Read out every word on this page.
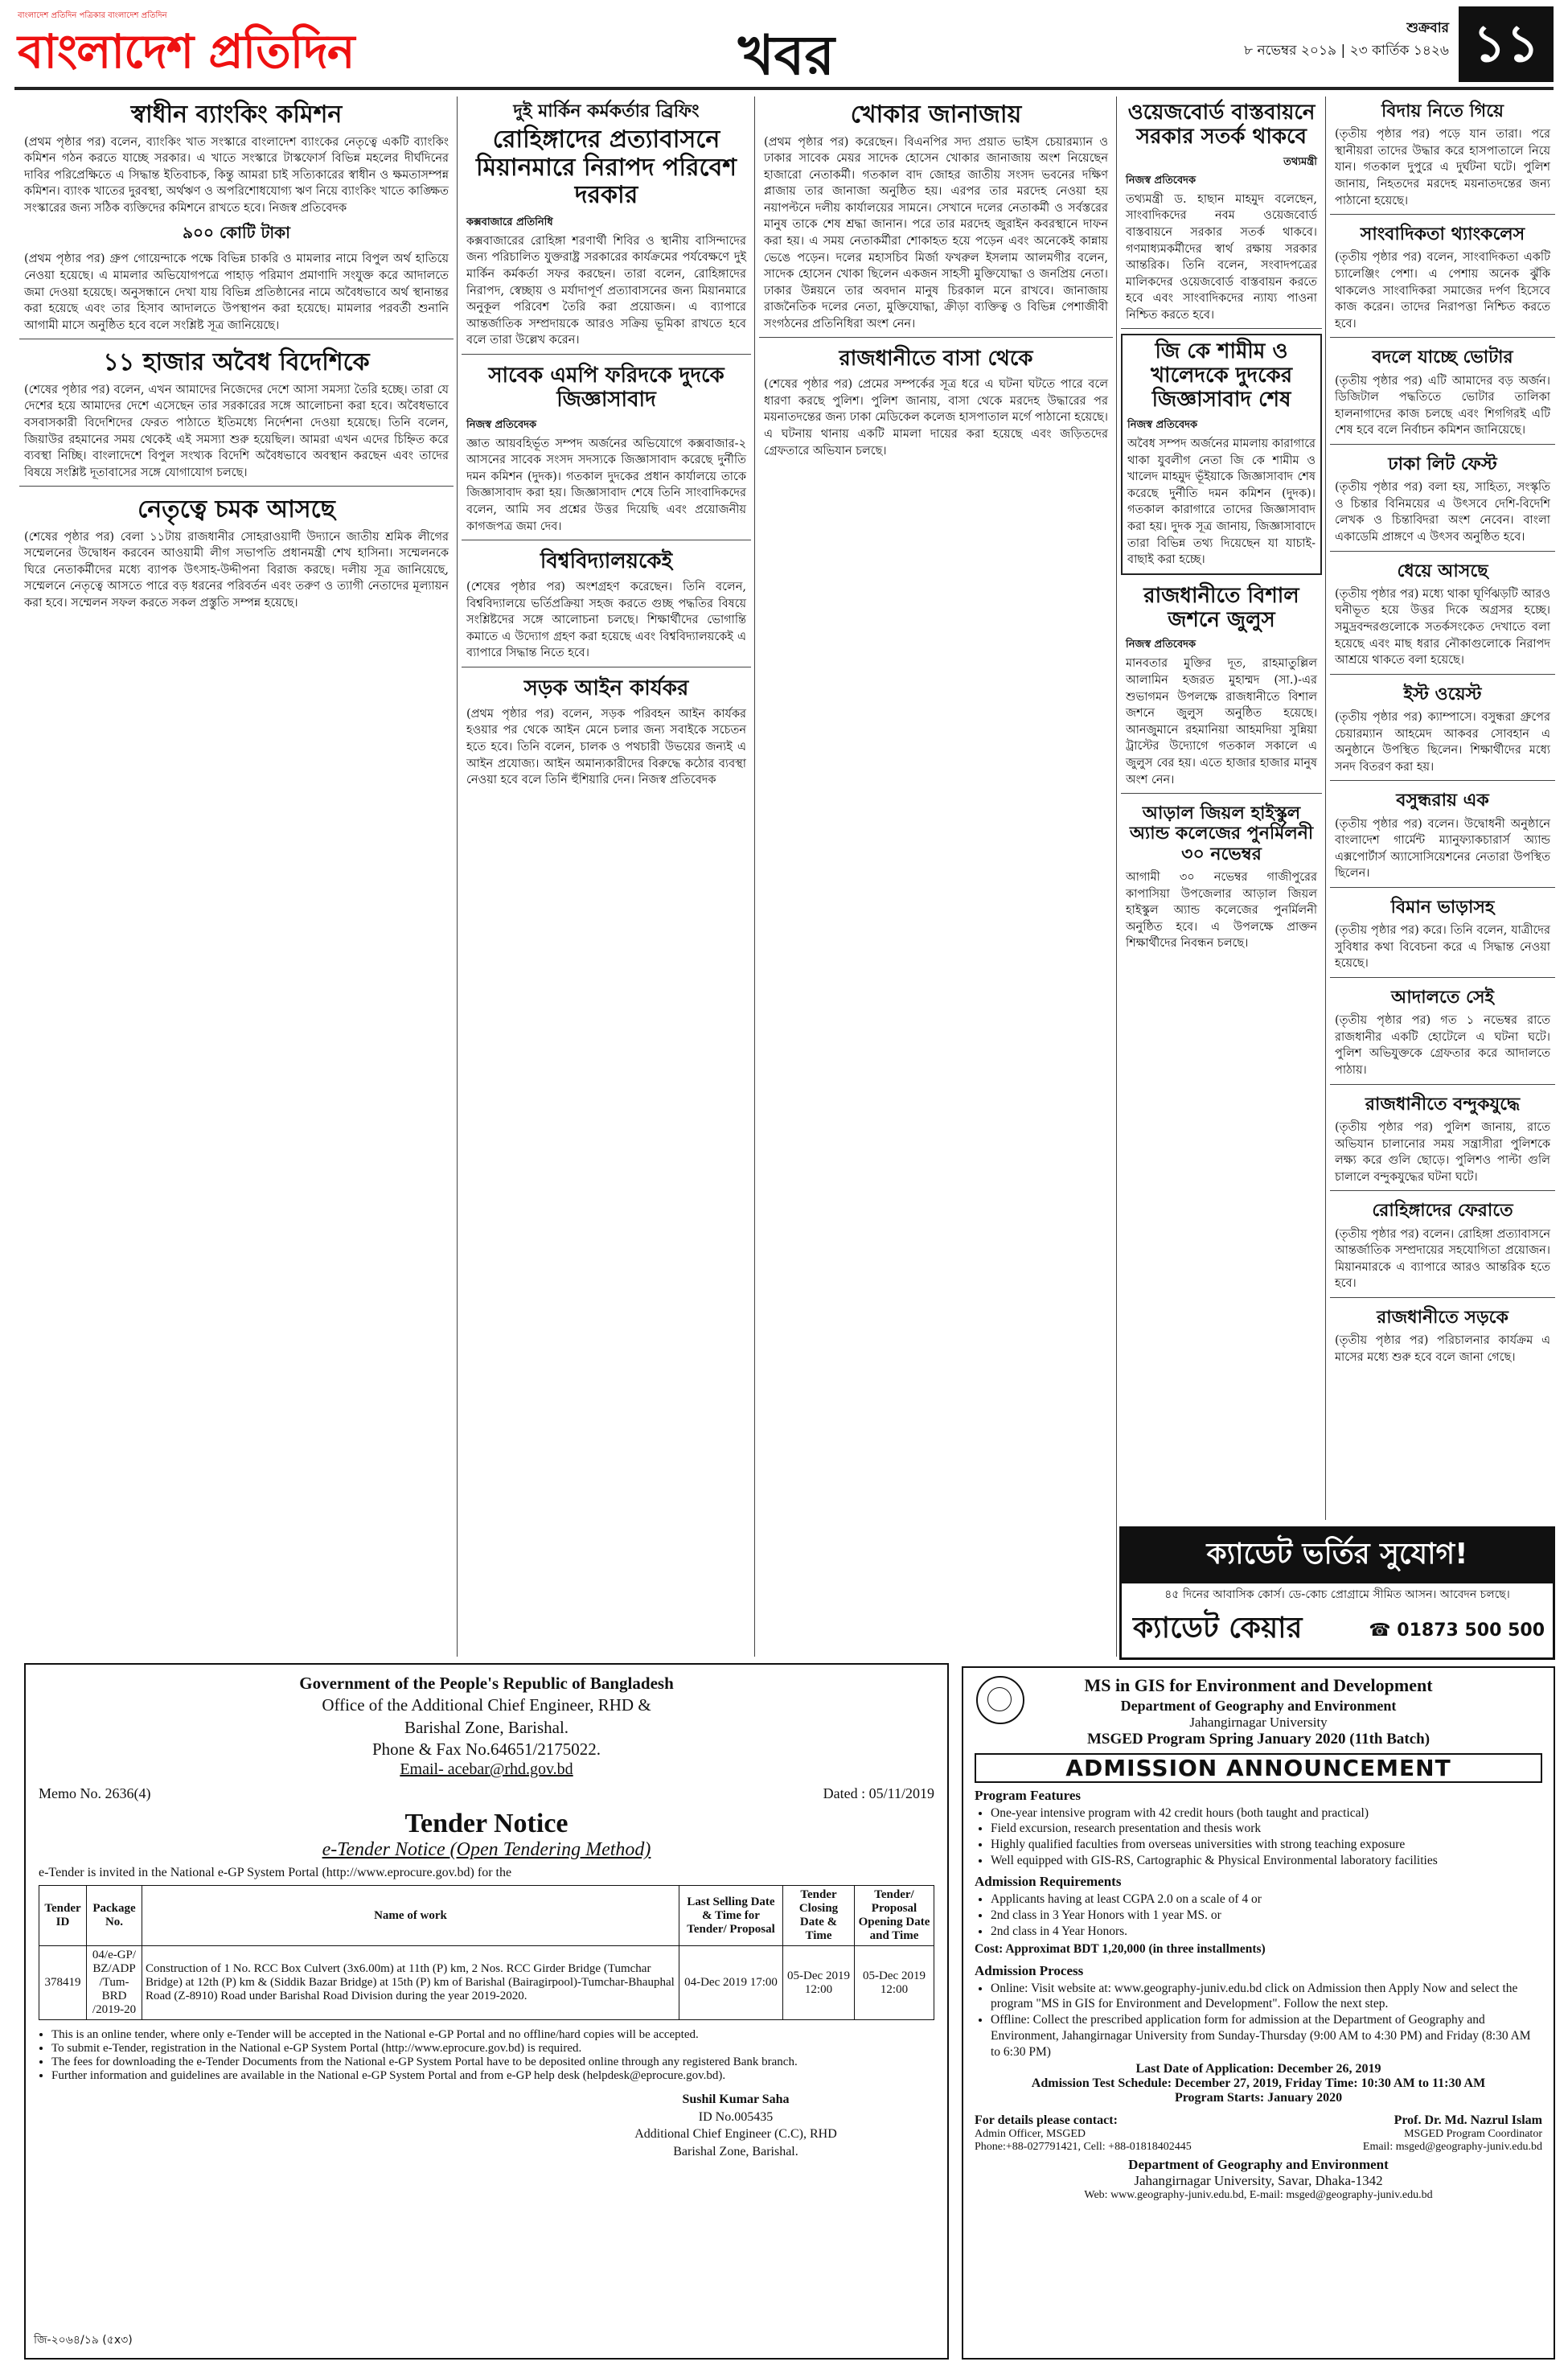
বাংলাদেশ প্রতিদিন পত্রিকার বাংলাদেশ প্রতিদিন
বাংলাদেশ প্রতিদিন	খবর	শুক্রবার
৮ নভেম্বর ২০১৯ | ২৩ কার্তিক ১৪২৬ ১১
স্বাধীন ব্যাংকিং কমিশন

(প্রথম পৃষ্ঠার পর) বলেন, ব্যাংকিং খাত সংস্কারে বাংলাদেশ ব্যাংকের নেতৃত্বে একটি ব্যাংকিং কমিশন গঠন করতে যাচ্ছে সরকার। এ খাতে সংস্কারে টাস্কফোর্স বিভিন্ন মহলের দীর্ঘদিনের দাবির পরিপ্রেক্ষিতে এ সিদ্ধান্ত ইতিবাচক, কিন্তু আমরা চাই সত্যিকারের স্বাধীন ও ক্ষমতাসম্পন্ন কমিশন। ব্যাংক খাতের দুরবস্থা, অর্থঋণ ও অপরিশোধযোগ্য ঋণ নিয়ে ব্যাংকিং খাতে কাঙ্ক্ষিত সংস্কারের জন্য সঠিক ব্যক্তিদের কমিশনে রাখতে হবে। নিজস্ব প্রতিবেদক

৯০০ কোটি টাকা

(প্রথম পৃষ্ঠার পর) গ্রুপ গোয়েন্দাকে পক্ষে বিভিন্ন চাকরি ও মামলার নামে বিপুল অর্থ হাতিয়ে নেওয়া হয়েছে। এ মামলার অভিযোগপত্রে পাহাড় পরিমাণ প্রমাণাদি সংযুক্ত করে আদালতে জমা দেওয়া হয়েছে। অনুসন্ধানে দেখা যায় বিভিন্ন প্রতিষ্ঠানের নামে অবৈধভাবে অর্থ স্থানান্তর করা হয়েছে এবং তার হিসাব আদালতে উপস্থাপন করা হয়েছে। মামলার পরবর্তী শুনানি আগামী মাসে অনুষ্ঠিত হবে বলে সংশ্লিষ্ট সূত্র জানিয়েছে।

১১ হাজার অবৈধ বিদেশিকে

(শেষের পৃষ্ঠার পর) বলেন, এখন আমাদের নিজেদের দেশে আসা সমস্যা তৈরি হচ্ছে। তারা যে দেশের হয়ে আমাদের দেশে এসেছেন তার সরকারের সঙ্গে আলোচনা করা হবে। অবৈধভাবে বসবাসকারী বিদেশিদের ফেরত পাঠাতে ইতিমধ্যে নির্দেশনা দেওয়া হয়েছে। তিনি বলেন, জিয়াউর রহমানের সময় থেকেই এই সমস্যা শুরু হয়েছিল। আমরা এখন এদের চিহ্নিত করে ব্যবস্থা নিচ্ছি। বাংলাদেশে বিপুল সংখ্যক বিদেশি অবৈধভাবে অবস্থান করছেন এবং তাদের বিষয়ে সংশ্লিষ্ট দূতাবাসের সঙ্গে যোগাযোগ চলছে।

নেতৃত্বে চমক আসছে

(শেষের পৃষ্ঠার পর) বেলা ১১টায় রাজধানীর সোহরাওয়ার্দী উদ্যানে জাতীয় শ্রমিক লীগের সম্মেলনের উদ্বোধন করবেন আওয়ামী লীগ সভাপতি প্রধানমন্ত্রী শেখ হাসিনা। সম্মেলনকে ঘিরে নেতাকর্মীদের মধ্যে ব্যাপক উৎসাহ-উদ্দীপনা বিরাজ করছে। দলীয় সূত্র জানিয়েছে, সম্মেলনে নেতৃত্বে আসতে পারে বড় ধরনের পরিবর্তন এবং তরুণ ও ত্যাগী নেতাদের মূল্যায়ন করা হবে। সম্মেলন সফল করতে সকল প্রস্তুতি সম্পন্ন হয়েছে।

দুই মার্কিন কর্মকর্তার ব্রিফিং
রোহিঙ্গাদের প্রত্যাবাসনে মিয়ানমারে নিরাপদ পরিবেশ দরকার
কক্সবাজারে প্রতিনিধি

কক্সবাজারের রোহিঙ্গা শরণার্থী শিবির ও স্থানীয় বাসিন্দাদের জন্য পরিচালিত যুক্তরাষ্ট্র সরকারের কার্যক্রমের পর্যবেক্ষণে দুই মার্কিন কর্মকর্তা সফর করছেন। তারা বলেন, রোহিঙ্গাদের নিরাপদ, স্বেচ্ছায় ও মর্যাদাপূর্ণ প্রত্যাবাসনের জন্য মিয়ানমারে অনুকূল পরিবেশ তৈরি করা প্রয়োজন। এ ব্যাপারে আন্তর্জাতিক সম্প্রদায়কে আরও সক্রিয় ভূমিকা রাখতে হবে বলে তারা উল্লেখ করেন।

সাবেক এমপি ফরিদকে দুদকে জিজ্ঞাসাবাদ
নিজস্ব প্রতিবেদক

জ্ঞাত আয়বহির্ভূত সম্পদ অর্জনের অভিযোগে কক্সবাজার-২ আসনের সাবেক সংসদ সদস্যকে জিজ্ঞাসাবাদ করেছে দুর্নীতি দমন কমিশন (দুদক)। গতকাল দুদকের প্রধান কার্যালয়ে তাকে জিজ্ঞাসাবাদ করা হয়। জিজ্ঞাসাবাদ শেষে তিনি সাংবাদিকদের বলেন, আমি সব প্রশ্নের উত্তর দিয়েছি এবং প্রয়োজনীয় কাগজপত্র জমা দেব।

বিশ্ববিদ্যালয়কেই

(শেষের পৃষ্ঠার পর) অংশগ্রহণ করেছেন। তিনি বলেন, বিশ্ববিদ্যালয়ে ভর্তিপ্রক্রিয়া সহজ করতে গুচ্ছ পদ্ধতির বিষয়ে সংশ্লিষ্টদের সঙ্গে আলোচনা চলছে। শিক্ষার্থীদের ভোগান্তি কমাতে এ উদ্যোগ গ্রহণ করা হয়েছে এবং বিশ্ববিদ্যালয়কেই এ ব্যাপারে সিদ্ধান্ত নিতে হবে।

সড়ক আইন কার্যকর

(প্রথম পৃষ্ঠার পর) বলেন, সড়ক পরিবহন আইন কার্যকর হওয়ার পর থেকে আইন মেনে চলার জন্য সবাইকে সচেতন হতে হবে। তিনি বলেন, চালক ও পথচারী উভয়ের জন্যই এ আইন প্রযোজ্য। আইন অমান্যকারীদের বিরুদ্ধে কঠোর ব্যবস্থা নেওয়া হবে বলে তিনি হুঁশিয়ারি দেন। নিজস্ব প্রতিবেদক

খোকার জানাজায়

(প্রথম পৃষ্ঠার পর) করেছেন। বিএনপির সদ্য প্রয়াত ভাইস চেয়ারম্যান ও ঢাকার সাবেক মেয়র সাদেক হোসেন খোকার জানাজায় অংশ নিয়েছেন হাজারো নেতাকর্মী। গতকাল বাদ জোহর জাতীয় সংসদ ভবনের দক্ষিণ প্লাজায় তার জানাজা অনুষ্ঠিত হয়। এরপর তার মরদেহ নেওয়া হয় নয়াপল্টনে দলীয় কার্যালয়ের সামনে। সেখানে দলের নেতাকর্মী ও সর্বস্তরের মানুষ তাকে শেষ শ্রদ্ধা জানান। পরে তার মরদেহ জুরাইন কবরস্থানে দাফন করা হয়। এ সময় নেতাকর্মীরা শোকাহত হয়ে পড়েন এবং অনেকেই কান্নায় ভেঙে পড়েন। দলের মহাসচিব মির্জা ফখরুল ইসলাম আলমগীর বলেন, সাদেক হোসেন খোকা ছিলেন একজন সাহসী মুক্তিযোদ্ধা ও জনপ্রিয় নেতা। ঢাকার উন্নয়নে তার অবদান মানুষ চিরকাল মনে রাখবে। জানাজায় রাজনৈতিক দলের নেতা, মুক্তিযোদ্ধা, ক্রীড়া ব্যক্তিত্ব ও বিভিন্ন পেশাজীবী সংগঠনের প্রতিনিধিরা অংশ নেন।

রাজধানীতে বাসা থেকে

(শেষের পৃষ্ঠার পর) প্রেমের সম্পর্কের সূত্র ধরে এ ঘটনা ঘটতে পারে বলে ধারণা করছে পুলিশ। পুলিশ জানায়, বাসা থেকে মরদেহ উদ্ধারের পর ময়নাতদন্তের জন্য ঢাকা মেডিকেল কলেজ হাসপাতাল মর্গে পাঠানো হয়েছে। এ ঘটনায় থানায় একটি মামলা দায়ের করা হয়েছে এবং জড়িতদের গ্রেফতারে অভিযান চলছে।

ওয়েজবোর্ড বাস্তবায়নে সরকার সতর্ক থাকবে
তথ্যমন্ত্রী
নিজস্ব প্রতিবেদক

তথ্যমন্ত্রী ড. হাছান মাহমুদ বলেছেন, সাংবাদিকদের নবম ওয়েজবোর্ড বাস্তবায়নে সরকার সতর্ক থাকবে। গণমাধ্যমকর্মীদের স্বার্থ রক্ষায় সরকার আন্তরিক। তিনি বলেন, সংবাদপত্রের মালিকদের ওয়েজবোর্ড বাস্তবায়ন করতে হবে এবং সাংবাদিকদের ন্যায্য পাওনা নিশ্চিত করতে হবে।

জি কে শামীম ও খালেদকে দুদকের জিজ্ঞাসাবাদ শেষ
নিজস্ব প্রতিবেদক

অবৈধ সম্পদ অর্জনের মামলায় কারাগারে থাকা যুবলীগ নেতা জি কে শামীম ও খালেদ মাহমুদ ভূঁইয়াকে জিজ্ঞাসাবাদ শেষ করেছে দুর্নীতি দমন কমিশন (দুদক)। গতকাল কারাগারে তাদের জিজ্ঞাসাবাদ করা হয়। দুদক সূত্র জানায়, জিজ্ঞাসাবাদে তারা বিভিন্ন তথ্য দিয়েছেন যা যাচাই-বাছাই করা হচ্ছে।

রাজধানীতে বিশাল জশনে জুলুস
নিজস্ব প্রতিবেদক

মানবতার মুক্তির দূত, রাহমাতুল্লিল আলামিন হজরত মুহাম্মদ (সা.)-এর শুভাগমন উপলক্ষে রাজধানীতে বিশাল জশনে জুলুস অনুষ্ঠিত হয়েছে। আনজুমানে রহমানিয়া আহমদিয়া সুন্নিয়া ট্রাস্টের উদ্যোগে গতকাল সকালে এ জুলুস বের হয়। এতে হাজার হাজার মানুষ অংশ নেন।

আড়াল জিয়ল হাইস্কুল অ্যান্ড কলেজের পুনর্মিলনী ৩০ নভেম্বর

আগামী ৩০ নভেম্বর গাজীপুরের কাপাসিয়া উপজেলার আড়াল জিয়ল হাইস্কুল অ্যান্ড কলেজের পুনর্মিলনী অনুষ্ঠিত হবে। এ উপলক্ষে প্রাক্তন শিক্ষার্থীদের নিবন্ধন চলছে।

বিদায় নিতে গিয়ে

(তৃতীয় পৃষ্ঠার পর) পড়ে যান তারা। পরে স্থানীয়রা তাদের উদ্ধার করে হাসপাতালে নিয়ে যান। গতকাল দুপুরে এ দুর্ঘটনা ঘটে। পুলিশ জানায়, নিহতদের মরদেহ ময়নাতদন্তের জন্য পাঠানো হয়েছে।

সাংবাদিকতা থ্যাংকলেস

(তৃতীয় পৃষ্ঠার পর) বলেন, সাংবাদিকতা একটি চ্যালেঞ্জিং পেশা। এ পেশায় অনেক ঝুঁকি থাকলেও সাংবাদিকরা সমাজের দর্পণ হিসেবে কাজ করেন। তাদের নিরাপত্তা নিশ্চিত করতে হবে।

বদলে যাচ্ছে ভোটার

(তৃতীয় পৃষ্ঠার পর) এটি আমাদের বড় অর্জন। ডিজিটাল পদ্ধতিতে ভোটার তালিকা হালনাগাদের কাজ চলছে এবং শিগগিরই এটি শেষ হবে বলে নির্বাচন কমিশন জানিয়েছে।

ঢাকা লিট ফেস্ট

(তৃতীয় পৃষ্ঠার পর) বলা হয়, সাহিত্য, সংস্কৃতি ও চিন্তার বিনিময়ের এ উৎসবে দেশি-বিদেশি লেখক ও চিন্তাবিদরা অংশ নেবেন। বাংলা একাডেমি প্রাঙ্গণে এ উৎসব অনুষ্ঠিত হবে।

ধেয়ে আসছে

(তৃতীয় পৃষ্ঠার পর) মধ্যে থাকা ঘূর্ণিঝড়টি আরও ঘনীভূত হয়ে উত্তর দিকে অগ্রসর হচ্ছে। সমুদ্রবন্দরগুলোকে সতর্কসংকেত দেখাতে বলা হয়েছে এবং মাছ ধরার নৌকাগুলোকে নিরাপদ আশ্রয়ে থাকতে বলা হয়েছে।

ইস্ট ওয়েস্ট

(তৃতীয় পৃষ্ঠার পর) ক্যাম্পাসে। বসুন্ধরা গ্রুপের চেয়ারম্যান আহমেদ আকবর সোবহান এ অনুষ্ঠানে উপস্থিত ছিলেন। শিক্ষার্থীদের মধ্যে সনদ বিতরণ করা হয়।

বসুন্ধরায় এক

(তৃতীয় পৃষ্ঠার পর) বলেন। উদ্বোধনী অনুষ্ঠানে বাংলাদেশ গার্মেন্ট ম্যানুফ্যাকচারার্স অ্যান্ড এক্সপোর্টার্স অ্যাসোসিয়েশনের নেতারা উপস্থিত ছিলেন।

বিমান ভাড়াসহ

(তৃতীয় পৃষ্ঠার পর) করে। তিনি বলেন, যাত্রীদের সুবিধার কথা বিবেচনা করে এ সিদ্ধান্ত নেওয়া হয়েছে।

আদালতে সেই

(তৃতীয় পৃষ্ঠার পর) গত ১ নভেম্বর রাতে রাজধানীর একটি হোটেলে এ ঘটনা ঘটে। পুলিশ অভিযুক্তকে গ্রেফতার করে আদালতে পাঠায়।

রাজধানীতে বন্দুকযুদ্ধে

(তৃতীয় পৃষ্ঠার পর) পুলিশ জানায়, রাতে অভিযান চালানোর সময় সন্ত্রাসীরা পুলিশকে লক্ষ্য করে গুলি ছোড়ে। পুলিশও পাল্টা গুলি চালালে বন্দুকযুদ্ধের ঘটনা ঘটে।

রোহিঙ্গাদের ফেরাতে

(তৃতীয় পৃষ্ঠার পর) বলেন। রোহিঙ্গা প্রত্যাবাসনে আন্তর্জাতিক সম্প্রদায়ের সহযোগিতা প্রয়োজন। মিয়ানমারকে এ ব্যাপারে আরও আন্তরিক হতে হবে।

রাজধানীতে সড়কে

(তৃতীয় পৃষ্ঠার পর) পরিচালনার কার্যক্রম এ মাসের মধ্যে শুরু হবে বলে জানা গেছে।

ক্যাডেট ভর্তির সুযোগ!
৪৫ দিনের আবাসিক কোর্স। ডে-কোচ প্রোগ্রামে সীমিত আসন। আবেদন চলছে।
ক্যাডেট কেয়ার	☎ 01873 500 500
Government of the People's Republic of Bangladesh
Office of the Additional Chief Engineer, RHD &
Barishal Zone, Barishal.
Phone & Fax No.64651/2175022.
Email- acebar@rhd.gov.bd
Memo No. 2636(4)	Dated : 05/11/2019
Tender Notice
e-Tender Notice (Open Tendering Method)
e-Tender is invited in the National e-GP System Portal (http://www.eprocure.gov.bd) for the
Tender ID	Package No.	Name of work	Last Selling Date & Time for Tender/ Proposal	Tender Closing Date & Time	Tender/ Proposal Opening Date and Time
378419	04/e-GP/ BZ/ADP /Tum- BRD /2019-20	Construction of 1 No. RCC Box Culvert (3x6.00m) at 11th (P) km, 2 Nos. RCC Girder Bridge (Tumchar Bridge) at 12th (P) km & (Siddik Bazar Bridge) at 15th (P) km of Barishal (Bairagirpool)-Tumchar-Bhauphal Road (Z-8910) Road under Barishal Road Division during the year 2019-2020.	04-Dec 2019 17:00	05-Dec 2019 12:00	05-Dec 2019 12:00
• This is an online tender, where only e-Tender will be accepted in the National e-GP Portal and no offline/hard copies will be accepted.
• To submit e-Tender, registration in the National e-GP System Portal (http://www.eprocure.gov.bd) is required.
• The fees for downloading the e-Tender Documents from the National e-GP System Portal have to be deposited online through any registered Bank branch.
• Further information and guidelines are available in the National e-GP System Portal and from e-GP help desk (helpdesk@eprocure.gov.bd).
Sushil Kumar Saha
ID No.005435
Additional Chief Engineer (C.C), RHD
Barishal Zone, Barishal.
জি-২০৬৪/১৯ (৫x৩)
MS in GIS for Environment and Development
Department of Geography and Environment
Jahangirnagar University
MSGED Program Spring January 2020 (11th Batch)
ADMISSION ANNOUNCEMENT
Program Features
• One-year intensive program with 42 credit hours (both taught and practical)
• Field excursion, research presentation and thesis work
• Highly qualified faculties from overseas universities with strong teaching exposure
• Well equipped with GIS-RS, Cartographic & Physical Environmental laboratory facilities
Admission Requirements
• Applicants having at least CGPA 2.0 on a scale of 4 or
• 2nd class in 3 Year Honors with 1 year MS. or
• 2nd class in 4 Year Honors.
Cost: Approximat BDT 1,20,000 (in three installments)
Admission Process
• Online: Visit website at: www.geography-juniv.edu.bd click on Admission then Apply Now and select the program "MS in GIS for Environment and Development". Follow the next step.
• Offline: Collect the prescribed application form for admission at the Department of Geography and Environment, Jahangirnagar University from Sunday-Thursday (9:00 AM to 4:30 PM) and Friday (8:30 AM to 6:30 PM)
Last Date of Application: December 26, 2019
Admission Test Schedule: December 27, 2019, Friday Time: 10:30 AM to 11:30 AM
Program Starts: January 2020
For details please contact:
Admin Officer, MSGED
Phone:+88-027791421, Cell: +88-01818402445
Prof. Dr. Md. Nazrul Islam
MSGED Program Coordinator
Email: msged@geography-juniv.edu.bd
Department of Geography and Environment
Jahangirnagar University, Savar, Dhaka-1342
Web: www.geography-juniv.edu.bd, E-mail: msged@geography-juniv.edu.bd
